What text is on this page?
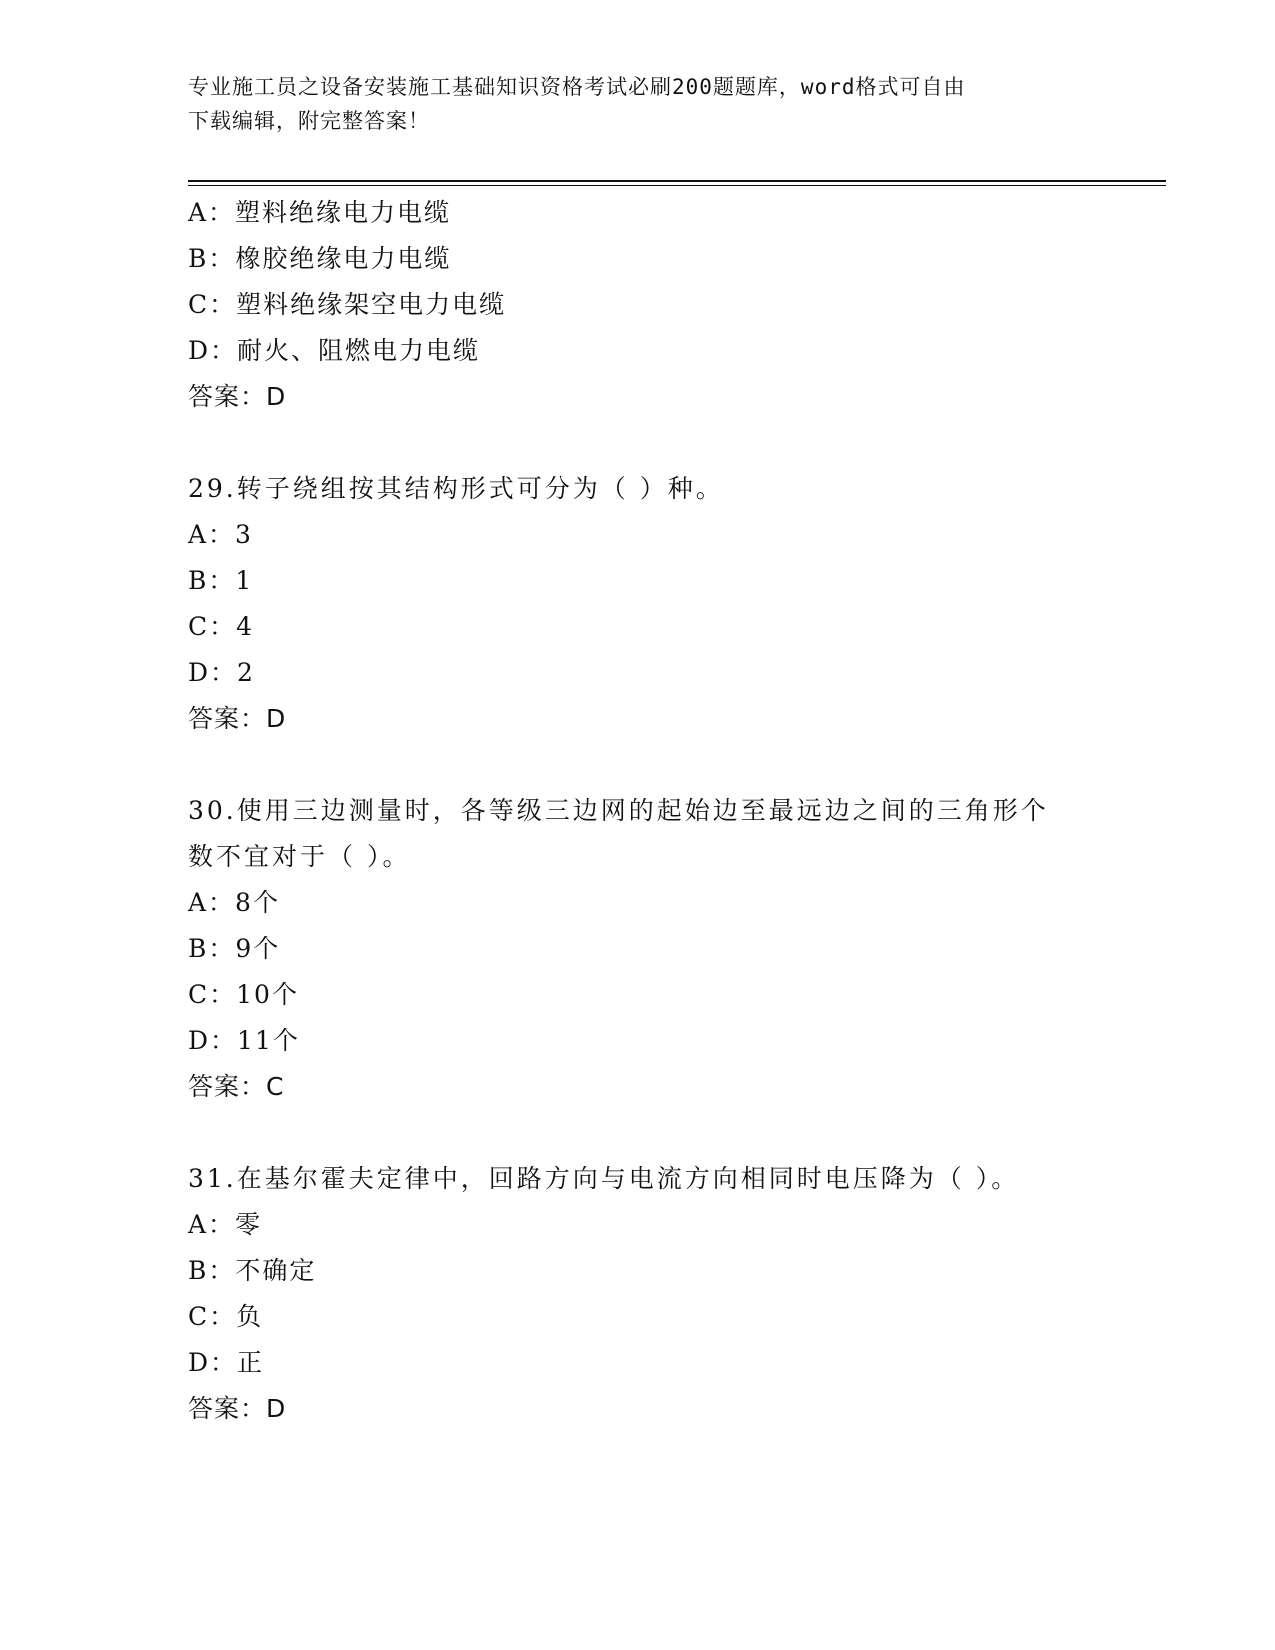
专业施工员之设备安装施工基础知识资格考试必刷200题题库，word格式可自由
下载编辑，附完整答案！
A：塑料绝缘电力电缆
B：橡胶绝缘电力电缆
C：塑料绝缘架空电力电缆
D：耐火、阻燃电力电缆
答案：D
29.转子绕组按其结构形式可分为（ ）种。
A：3
B：1
C：4
D：2
答案：D
30.使用三边测量时，各等级三边网的起始边至最远边之间的三角形个
数不宜对于（ ）。
A：8个
B：9个
C：10个
D：11个
答案：C
31.在基尔霍夫定律中，回路方向与电流方向相同时电压降为（ ）。
A：零
B：不确定
C：负
D：正
答案：D
